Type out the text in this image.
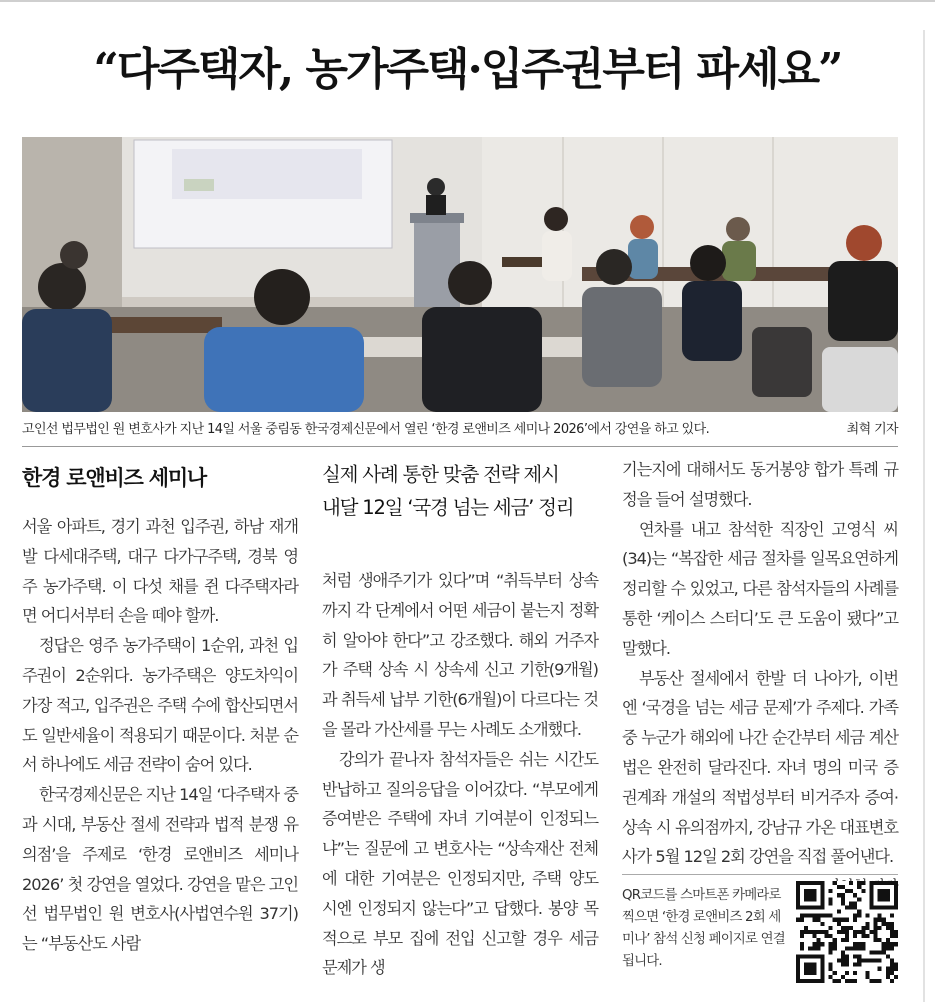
“다주택자, 농가주택·입주권부터 파세요”
고인선 법무법인 원 변호사가 지난 14일 서울 중림동 한국경제신문에서 열린 ‘한경 로앤비즈 세미나 2026’에서 강연을 하고 있다.	최혁 기자
한경 로앤비즈 세미나

서울 아파트, 경기 과천 입주권, 하남 재개발 다세대주택, 대구 다가구주택, 경북 영주 농가주택. 이 다섯 채를 쥔 다주택자라면 어디서부터 손을 떼야 할까.

정답은 영주 농가주택이 1순위, 과천 입주권이 2순위다. 농가주택은 양도차익이 가장 적고, 입주권은 주택 수에 합산되면서도 일반세율이 적용되기 때문이다. 처분 순서 하나에도 세금 전략이 숨어 있다.

한국경제신문은 지난 14일 ‘다주택자 중과 시대, 부동산 절세 전략과 법적 분쟁 유의점’을 주제로 ‘한경 로앤비즈 세미나 2026’ 첫 강연을 열었다. 강연을 맡은 고인선 법무법인 원 변호사(사법연수원 37기)는 “부동산도 사람

실제 사례 통한 맞춤 전략 제시
내달 12일 ‘국경 넘는 세금’ 정리

처럼 생애주기가 있다”며 “취득부터 상속까지 각 단계에서 어떤 세금이 붙는지 정확히 알아야 한다”고 강조했다. 해외 거주자가 주택 상속 시 상속세 신고 기한(9개월)과 취득세 납부 기한(6개월)이 다르다는 것을 몰라 가산세를 무는 사례도 소개했다.

강의가 끝나자 참석자들은 쉬는 시간도 반납하고 질의응답을 이어갔다. “부모에게 증여받은 주택에 자녀 기여분이 인정되느냐”는 질문에 고 변호사는 “상속재산 전체에 대한 기여분은 인정되지만, 주택 양도 시엔 인정되지 않는다”고 답했다. 봉양 목적으로 부모 집에 전입 신고할 경우 세금 문제가 생

기는지에 대해서도 동거봉양 합가 특례 규정을 들어 설명했다.

연차를 내고 참석한 직장인 고영식 씨(34)는 “복잡한 세금 절차를 일목요연하게 정리할 수 있었고, 다른 참석자들의 사례를 통한 ‘케이스 스터디’도 큰 도움이 됐다”고 말했다.

부동산 절세에서 한발 더 나아가, 이번엔 ‘국경을 넘는 세금 문제’가 주제다. 가족 중 누군가 해외에 나간 순간부터 세금 계산법은 완전히 달라진다. 자녀 명의 미국 증권계좌 개설의 적법성부터 비거주자 증여·상속 시 유의점까지, 강남규 가온 대표변호사가 5월 12일 2회 강연을 직접 풀어낸다.

QR코드를 스마트폰 카메라로 찍으면 ‘한경 로앤비즈 2회 세미나’ 참석 신청 페이지로 연결됩니다.
